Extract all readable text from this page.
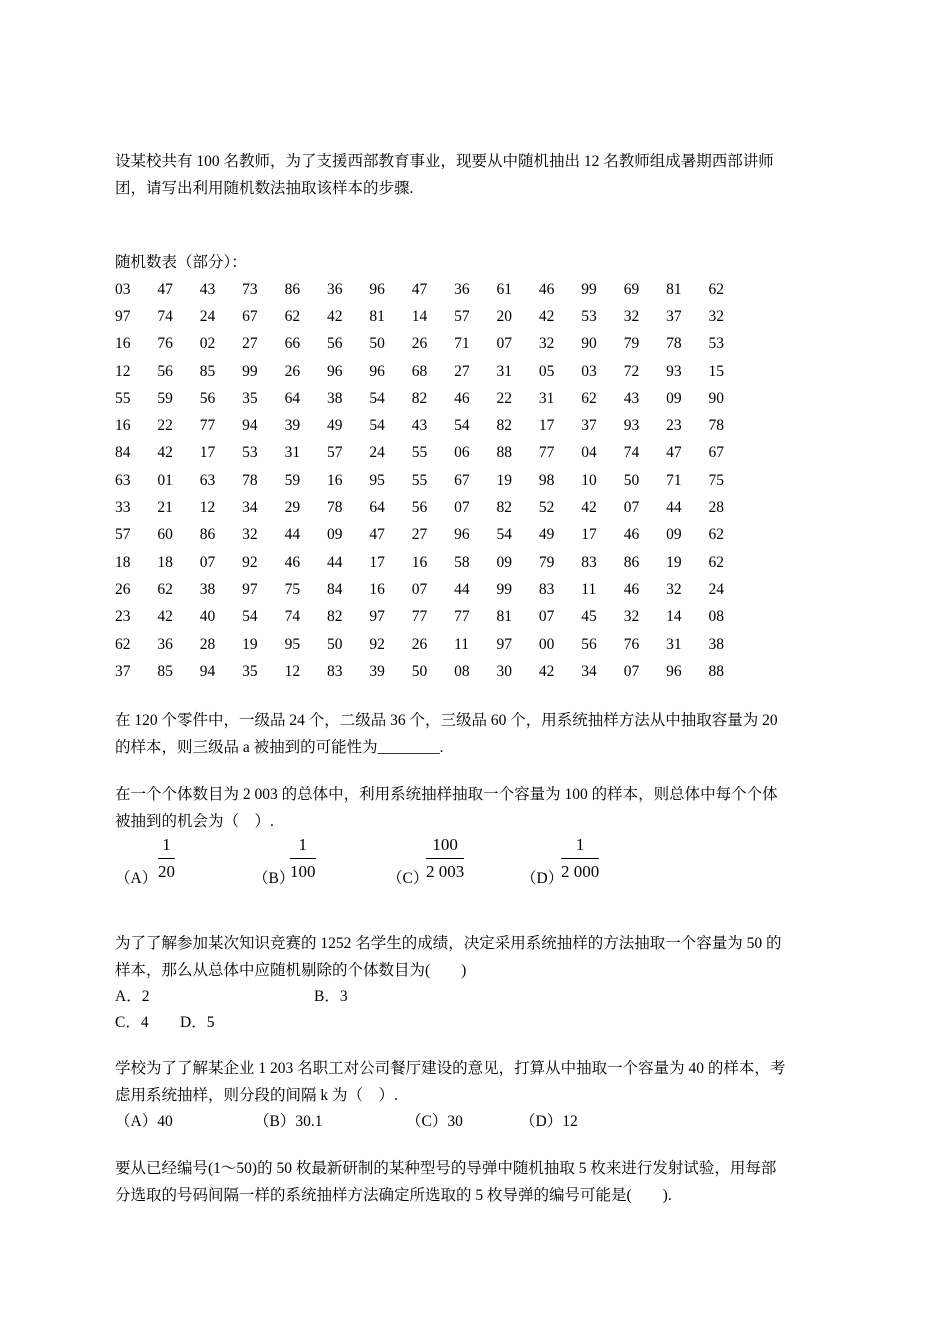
设某校共有 100 名教师，为了支援西部教育事业，现要从中随机抽出 12 名教师组成暑期西部讲师
团，请写出利用随机数法抽取该样本的步骤.
随机数表（部分）：
03	47	43	73	86	36	96	47	36	61	46	99	69	81	62
97	74	24	67	62	42	81	14	57	20	42	53	32	37	32
16	76	02	27	66	56	50	26	71	07	32	90	79	78	53
12	56	85	99	26	96	96	68	27	31	05	03	72	93	15
55	59	56	35	64	38	54	82	46	22	31	62	43	09	90
16	22	77	94	39	49	54	43	54	82	17	37	93	23	78
84	42	17	53	31	57	24	55	06	88	77	04	74	47	67
63	01	63	78	59	16	95	55	67	19	98	10	50	71	75
33	21	12	34	29	78	64	56	07	82	52	42	07	44	28
57	60	86	32	44	09	47	27	96	54	49	17	46	09	62
18	18	07	92	46	44	17	16	58	09	79	83	86	19	62
26	62	38	97	75	84	16	07	44	99	83	11	46	32	24
23	42	40	54	74	82	97	77	77	81	07	45	32	14	08
62	36	28	19	95	50	92	26	11	97	00	56	76	31	38
37	85	94	35	12	83	39	50	08	30	42	34	07	96	88
在 120 个零件中，一级品 24 个，二级品 36 个，三级品 60 个，用系统抽样方法从中抽取容量为 20
的样本，则三级品 a 被抽到的可能性为________.
在一个个体数目为 2 003 的总体中，利用系统抽样抽取一个容量为 100 的样本，则总体中每个个体
被抽到的机会为（　）.
$(A) \frac{1}{20}$	（B）
$\frac{1}{100}$	（C）
$\frac{100}{2 003}$	（D）
$\frac{1}{2 000}$
为了了解参加某次知识竞赛的 1252 名学生的成绩，决定采用系统抽样的方法抽取一个容量为 50 的
样本，那么从总体中应随机剔除的个体数目为(　　)
A．2	B．3
C．4 D．5
学校为了了解某企业 1 203 名职工对公司餐厅建设的意见，打算从中抽取一个容量为 40 的样本，考
虑用系统抽样，则分段的间隔 k 为（　）.
（A）40	（B）30.1	（C）30	（D）12
要从已经编号(1～50)的 50 枚最新研制的某种型号的导弹中随机抽取 5 枚来进行发射试验，用每部
分选取的号码间隔一样的系统抽样方法确定所选取的 5 枚导弹的编号可能是(　　).
